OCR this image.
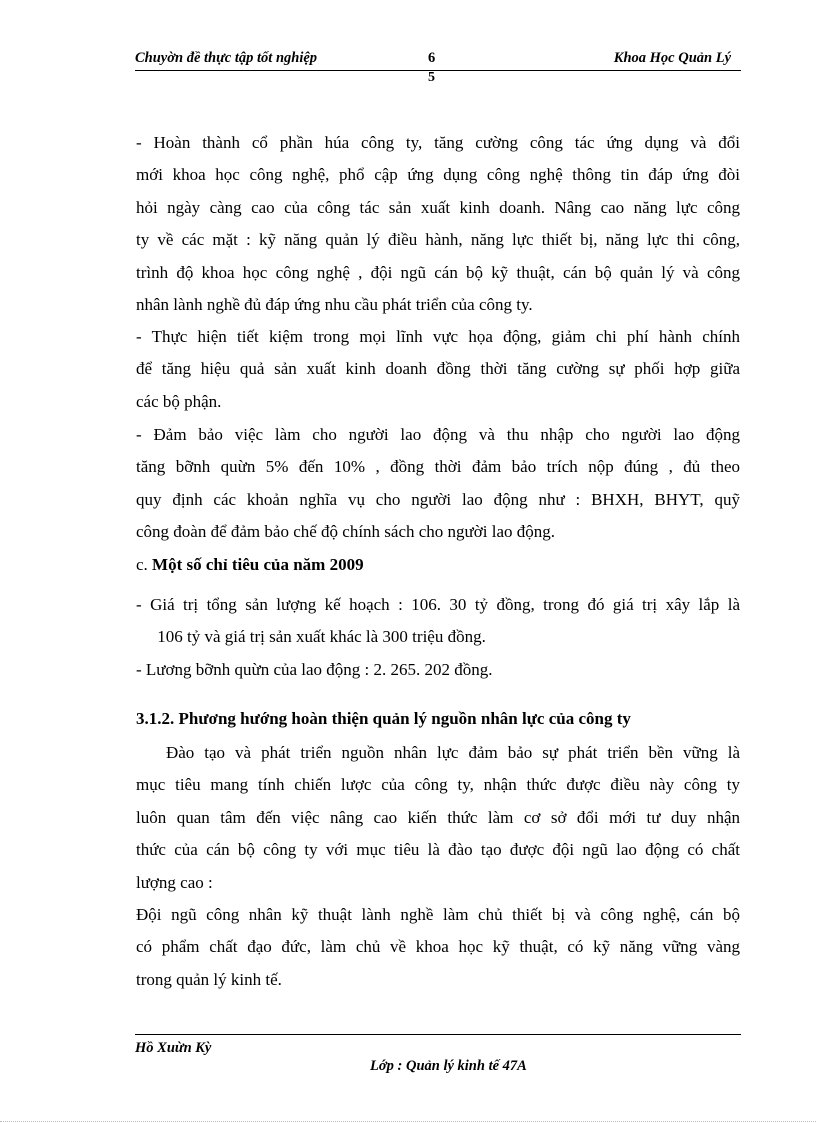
Chuyờn đề thực tập tốt nghiệp	6	Khoa Học Quản Lý
5
- Hoàn thành cổ phần húa công ty, tăng cường công tác ứng dụng và đổi
mới khoa học công nghệ, phổ cập ứng dụng công nghệ thông tin đáp ứng đòi
hỏi ngày càng cao của công tác sản xuất kinh doanh. Nâng cao năng lực công
ty về các mặt : kỹ năng quản lý điều hành, năng lực thiết bị, năng lực thi công,
trình độ khoa học công nghệ , đội ngũ cán bộ kỹ thuật, cán bộ quản lý và công
nhân lành nghề đủ đáp ứng nhu cầu phát triển của công ty.
- Thực hiện tiết kiệm trong mọi lĩnh vực họa động, giảm chi phí hành chính
để tăng hiệu quả sản xuất kinh doanh đồng thời tăng cường sự phối hợp giữa
các bộ phận.
- Đảm bảo việc làm cho người lao động và thu nhập cho người lao động
tăng bỡnh quừn 5% đến 10% , đồng thời đảm bảo trích nộp đúng , đủ theo
quy định các khoản nghĩa vụ cho người lao động như : BHXH, BHYT, quỹ
công đoàn để đảm bảo chế độ chính sách cho người lao động.
c. Một số chỉ tiêu của năm 2009
- Giá trị tổng sản lượng kế hoạch : 106. 30 tỷ đồng, trong đó giá trị xây lắp là
106 tỷ và giá trị sản xuất khác là 300 triệu đồng.
- Lương bỡnh quừn của lao động : 2. 265. 202 đồng.
3.1.2. Phương hướng hoàn thiện quản lý nguồn nhân lực của công ty
Đào tạo và phát triển nguồn nhân lực đảm bảo sự phát triển bền vững là
mục tiêu mang tính chiến lược của công ty, nhận thức được điều này công ty
luôn quan tâm đến việc nâng cao kiến thức làm cơ sở đổi mới tư duy nhận
thức của cán bộ công ty với mục tiêu là đào tạo được đội ngũ lao động có chất
lượng cao :
Đội ngũ công nhân kỹ thuật lành nghề làm chủ thiết bị và công nghệ, cán bộ
có phẩm chất đạo đức, làm chủ về khoa học kỹ thuật, có kỹ năng vững vàng
trong quản lý kinh tế.
Hồ Xuừn Kỳ
Lớp : Quản lý kinh tế 47A
